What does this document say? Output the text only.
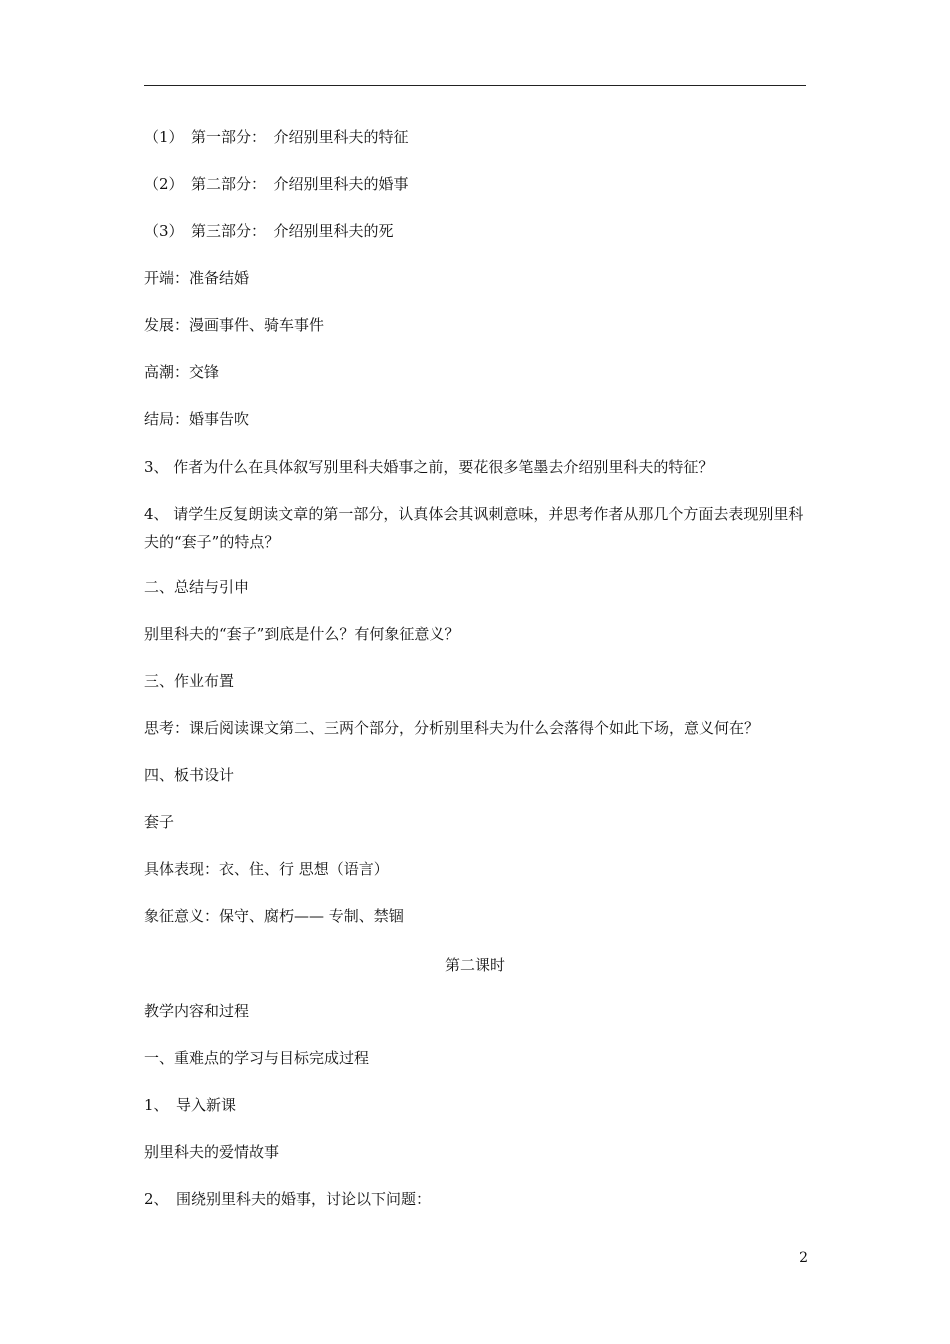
（1）　第一部分：　介绍别里科夫的特征
（2）　第二部分：　介绍别里科夫的婚事
（3）　第三部分：　介绍别里科夫的死
开端：准备结婚
发展：漫画事件、骑车事件
高潮：交锋
结局：婚事告吹
3、 作者为什么在具体叙写别里科夫婚事之前，要花很多笔墨去介绍别里科夫的特征？
4、 请学生反复朗读文章的第一部分，认真体会其讽刺意味，并思考作者从那几个方面去表现别里科夫的“套子”的特点？
二、总结与引申
别里科夫的“套子”到底是什么？有何象征意义？
三、作业布置
思考：课后阅读课文第二、三两个部分，分析别里科夫为什么会落得个如此下场，意义何在？
四、板书设计
套子
具体表现：衣、住、行 思想（语言）
象征意义：保守、腐朽—— 专制、禁锢
第二课时
教学内容和过程
一、重难点的学习与目标完成过程
1、　导入新课
别里科夫的爱情故事
2、　围绕别里科夫的婚事，讨论以下问题：
2
